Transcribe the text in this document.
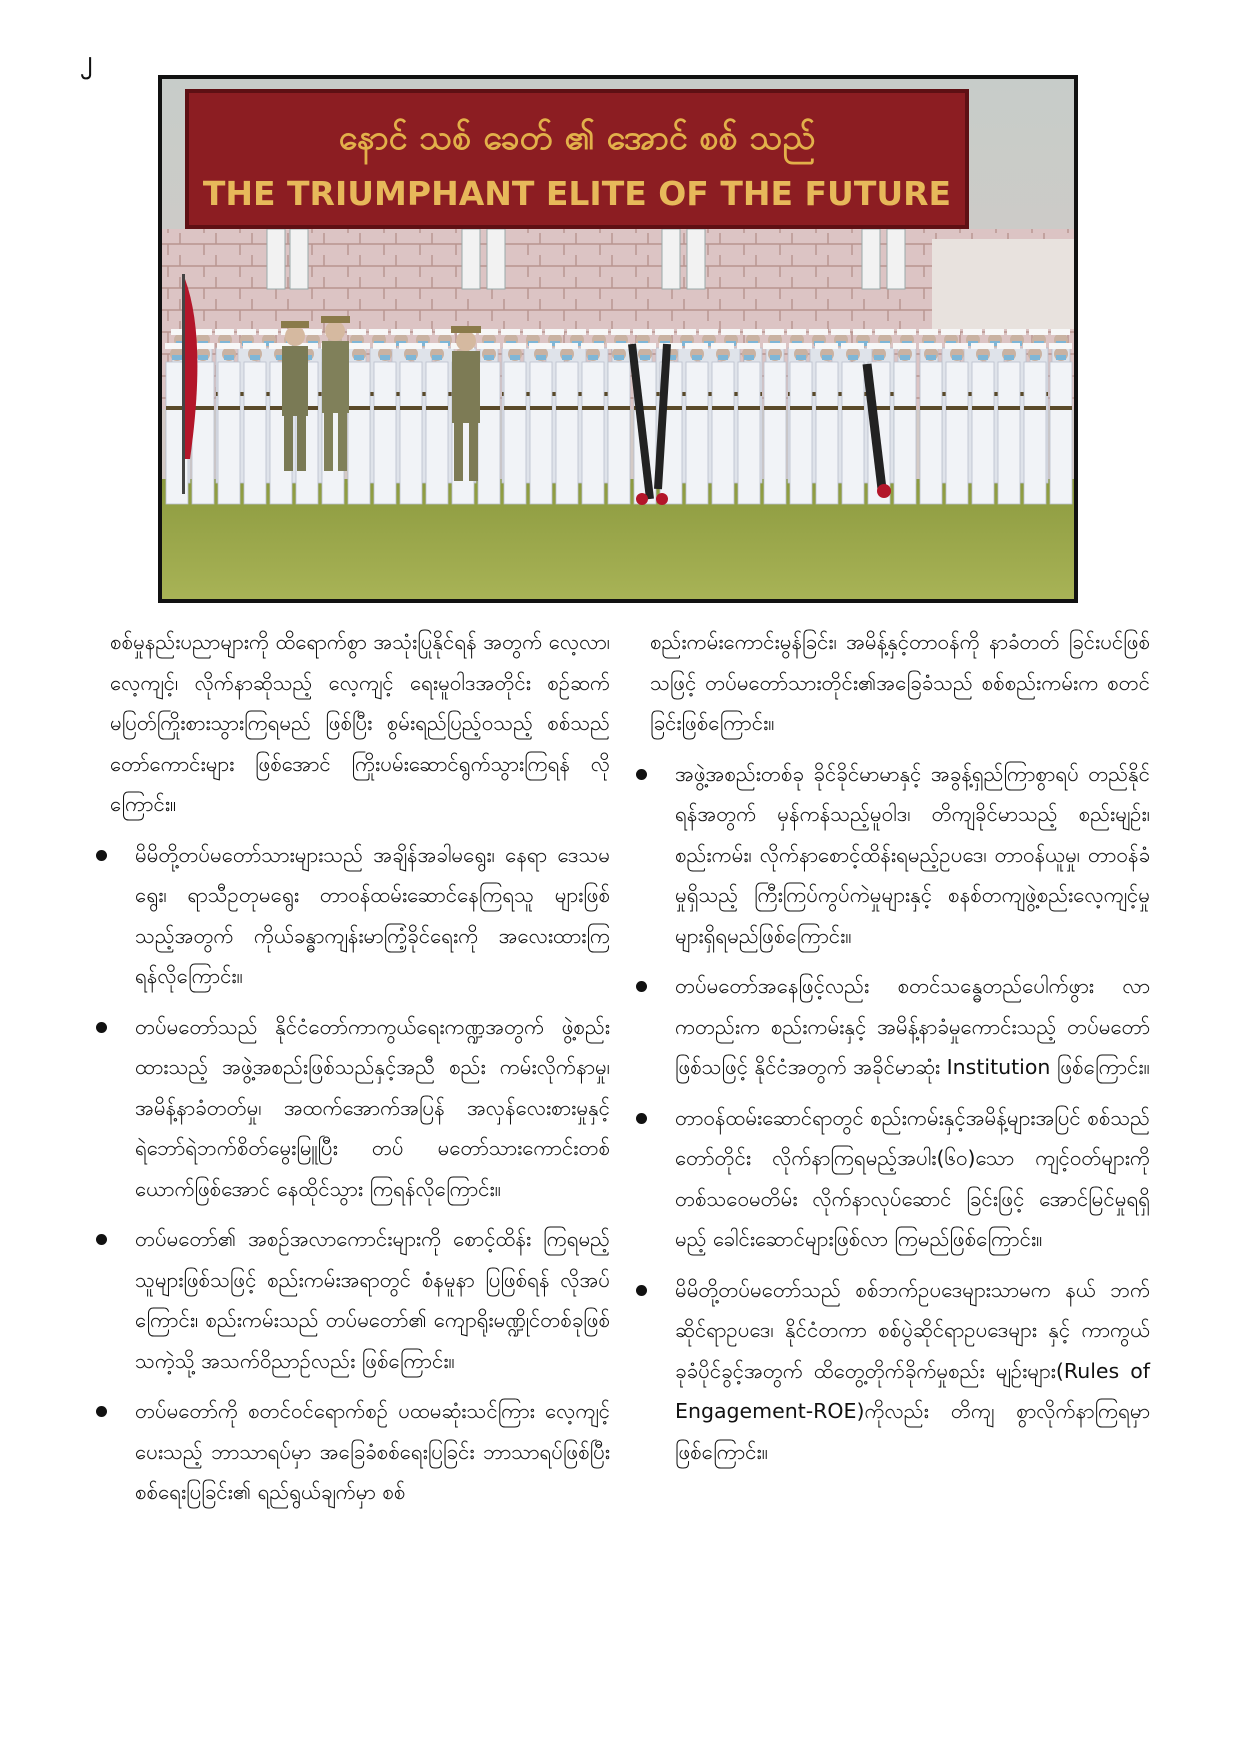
၂
နောင် သစ် ခေတ် ၏ အောင် စစ် သည်
THE TRIUMPHANT ELITE OF THE FUTURE

စစ်မှုနည်းပညာများကို ထိရောက်စွာ အသုံးပြုနိုင်ရန် အတွက် လေ့လာ၊ လေ့ကျင့်၊ လိုက်နာဆိုသည့် လေ့ကျင့် ရေးမူဝါဒအတိုင်း စဉ်ဆက်မပြတ်ကြိုးစားသွားကြရမည် ဖြစ်ပြီး စွမ်းရည်ပြည့်ဝသည့် စစ်သည်တော်ကောင်းများ ဖြစ်အောင် ကြိုးပမ်းဆောင်ရွက်သွားကြရန် လိုကြောင်း။

မိမိတို့တပ်မတော်သားများသည် အချိန်အခါမရွေး၊ နေရာ ဒေသမရွေး၊ ရာသီဥတုမရွေး တာဝန်ထမ်းဆောင်နေကြရသူ များဖြစ်သည့်အတွက် ကိုယ်ခန္ဓာကျန်းမာကြံ့ခိုင်ရေးကို အလေးထားကြရန်လိုကြောင်း။

တပ်မတော်သည် နိုင်ငံတော်ကာကွယ်ရေးကဏ္ဍအတွက် ဖွဲ့စည်းထားသည့် အဖွဲ့အစည်းဖြစ်သည်နှင့်အညီ စည်း ကမ်းလိုက်နာမှု၊ အမိန့်နာခံတတ်မှု၊ အထက်အောက်အပြန် အလှန်လေးစားမှုနှင့် ရဲဘော်ရဲဘက်စိတ်မွေးမြူပြီး တပ် မတော်သားကောင်းတစ်ယောက်ဖြစ်အောင် နေထိုင်သွား ကြရန်လိုကြောင်း။

တပ်မတော်၏ အစဉ်အလာကောင်းများကို စောင့်ထိန်း ကြရမည့်သူများဖြစ်သဖြင့် စည်းကမ်းအရာတွင် စံနမူနာ ပြဖြစ်ရန် လိုအပ်ကြောင်း၊ စည်းကမ်းသည် တပ်မတော်၏ ကျောရိုးမဏ္ဍိုင်တစ်ခုဖြစ်သကဲ့သို့ အသက်ဝိညာဉ်လည်း ဖြစ်ကြောင်း။

တပ်မတော်ကို စတင်ဝင်ရောက်စဉ် ပထမဆုံးသင်ကြား လေ့ကျင့်ပေးသည့် ဘာသာရပ်မှာ အခြေခံစစ်ရေးပြခြင်း ဘာသာရပ်ဖြစ်ပြီး စစ်ရေးပြခြင်း၏ ရည်ရွယ်ချက်မှာ စစ်

စည်းကမ်းကောင်းမွန်ခြင်း၊ အမိန့်နှင့်တာဝန်ကို နာခံတတ် ခြင်းပင်ဖြစ်သဖြင့် တပ်မတော်သားတိုင်း၏အခြေခံသည် စစ်စည်းကမ်းက စတင်ခြင်းဖြစ်ကြောင်း။

အဖွဲ့အစည်းတစ်ခု ခိုင်ခိုင်မာမာနှင့် အခွန့်ရှည်ကြာစွာရပ် တည်နိုင်ရန်အတွက် မှန်ကန်သည့်မူဝါဒ၊ တိကျခိုင်မာသည့် စည်းမျဉ်း၊ စည်းကမ်း၊ လိုက်နာစောင့်ထိန်းရမည့်ဥပဒေ၊ တာဝန်ယူမှု၊ တာဝန်ခံမှုရှိသည့် ကြီးကြပ်ကွပ်ကဲမှုများနှင့် စနစ်တကျဖွဲ့စည်းလေ့ကျင့်မှုများရှိရမည်ဖြစ်ကြောင်း။

တပ်မတော်အနေဖြင့်လည်း စတင်သန္ဓေတည်ပေါက်ဖွား လာကတည်းက စည်းကမ်းနှင့် အမိန့်နာခံမှုကောင်းသည့် တပ်မတော်ဖြစ်သဖြင့် နိုင်ငံအတွက် အခိုင်မာဆုံး Institution ဖြစ်ကြောင်း။

တာဝန်ထမ်းဆောင်ရာတွင် စည်းကမ်းနှင့်အမိန့်များအပြင် စစ်သည်တော်တိုင်း လိုက်နာကြရမည့်အပါး(၆၀)သော ကျင့်ဝတ်များကို တစ်သဝေမတိမ်း လိုက်နာလုပ်ဆောင် ခြင်းဖြင့် အောင်မြင်မှုရရှိမည့် ခေါင်းဆောင်များဖြစ်လာ ကြမည်ဖြစ်ကြောင်း။

မိမိတို့တပ်မတော်သည် စစ်ဘက်ဥပဒေများသာမက နယ် ဘက်ဆိုင်ရာဥပဒေ၊ နိုင်ငံတကာ စစ်ပွဲဆိုင်ရာဥပဒေများ နှင့် ကာကွယ်ခုခံပိုင်ခွင့်အတွက် ထိတွေ့တိုက်ခိုက်မှုစည်း မျဉ်းများ(Rules of Engagement-ROE)ကိုလည်း တိကျ စွာလိုက်နာကြရမှာဖြစ်ကြောင်း။
